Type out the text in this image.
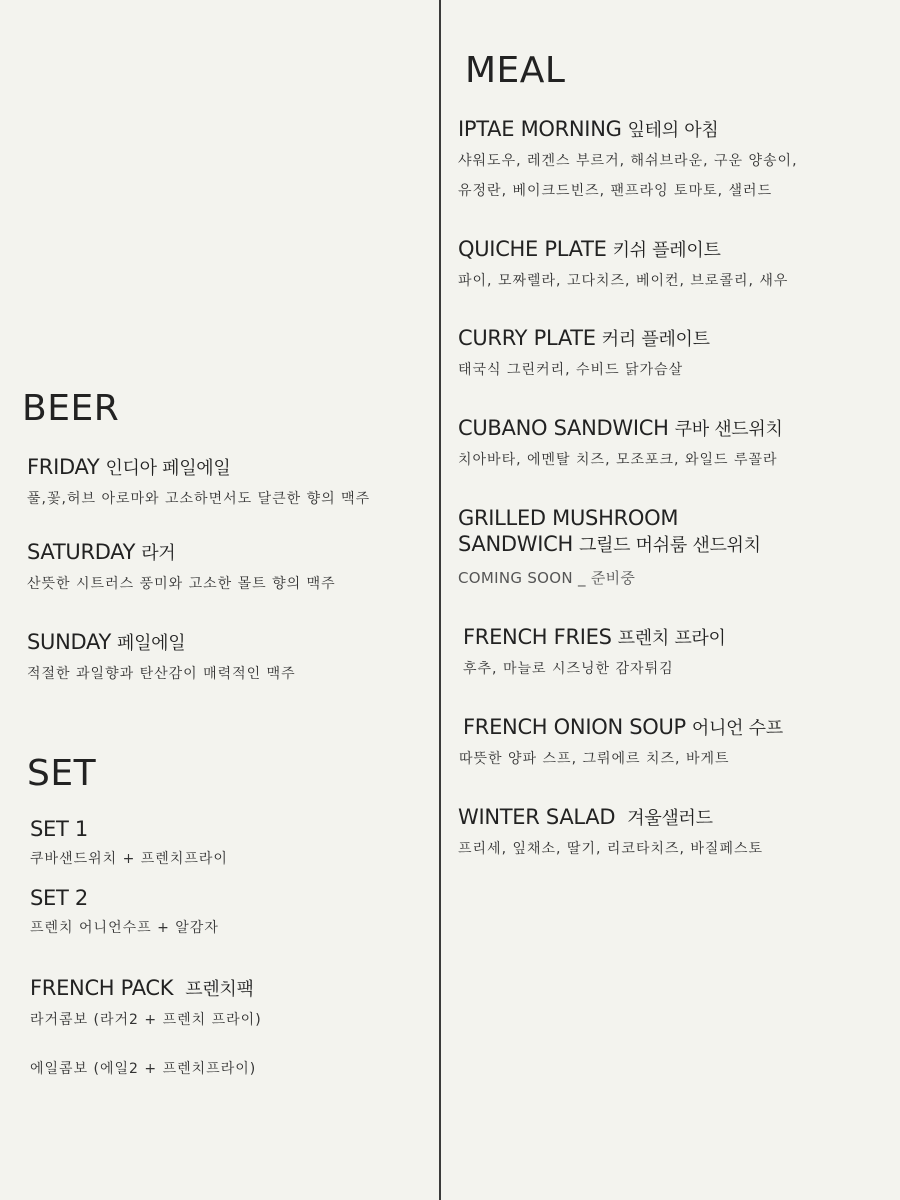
BEER
FRIDAY 인디아 페일에일
풀,꽃,허브 아로마와 고소하면서도 달큰한 향의 맥주
SATURDAY 라거
산뜻한 시트러스 풍미와 고소한 몰트 향의 맥주
SUNDAY 페일에일
적절한 과일향과 탄산감이 매력적인 맥주
SET
SET 1
쿠바샌드위치 + 프렌치프라이
SET 2
프렌치 어니언수프 + 알감자
FRENCH PACK 프렌치팩
라거콤보 (라거2 + 프렌치 프라이)
에일콤보 (에일2 + 프렌치프라이)
MEAL
IPTAE MORNING 잎테의 아침
샤워도우, 레겐스 부르거, 해쉬브라운, 구운 양송이,
유정란, 베이크드빈즈, 팬프라잉 토마토, 샐러드
QUICHE PLATE 키쉬 플레이트
파이, 모짜렐라, 고다치즈, 베이컨, 브로콜리, 새우
CURRY PLATE 커리 플레이트
태국식 그린커리, 수비드 닭가슴살
CUBANO SANDWICH 쿠바 샌드위치
치아바타, 에멘탈 치즈, 모조포크, 와일드 루꼴라
GRILLED MUSHROOM
SANDWICH 그릴드 머쉬룸 샌드위치
COMING SOON _ 준비중
FRENCH FRIES 프렌치 프라이
후추, 마늘로 시즈닝한 감자튀김
FRENCH ONION SOUP 어니언 수프
따뜻한 양파 스프, 그뤼에르 치즈, 바게트
WINTER SALAD 겨울샐러드
프리세, 잎채소, 딸기, 리코타치즈, 바질페스토
